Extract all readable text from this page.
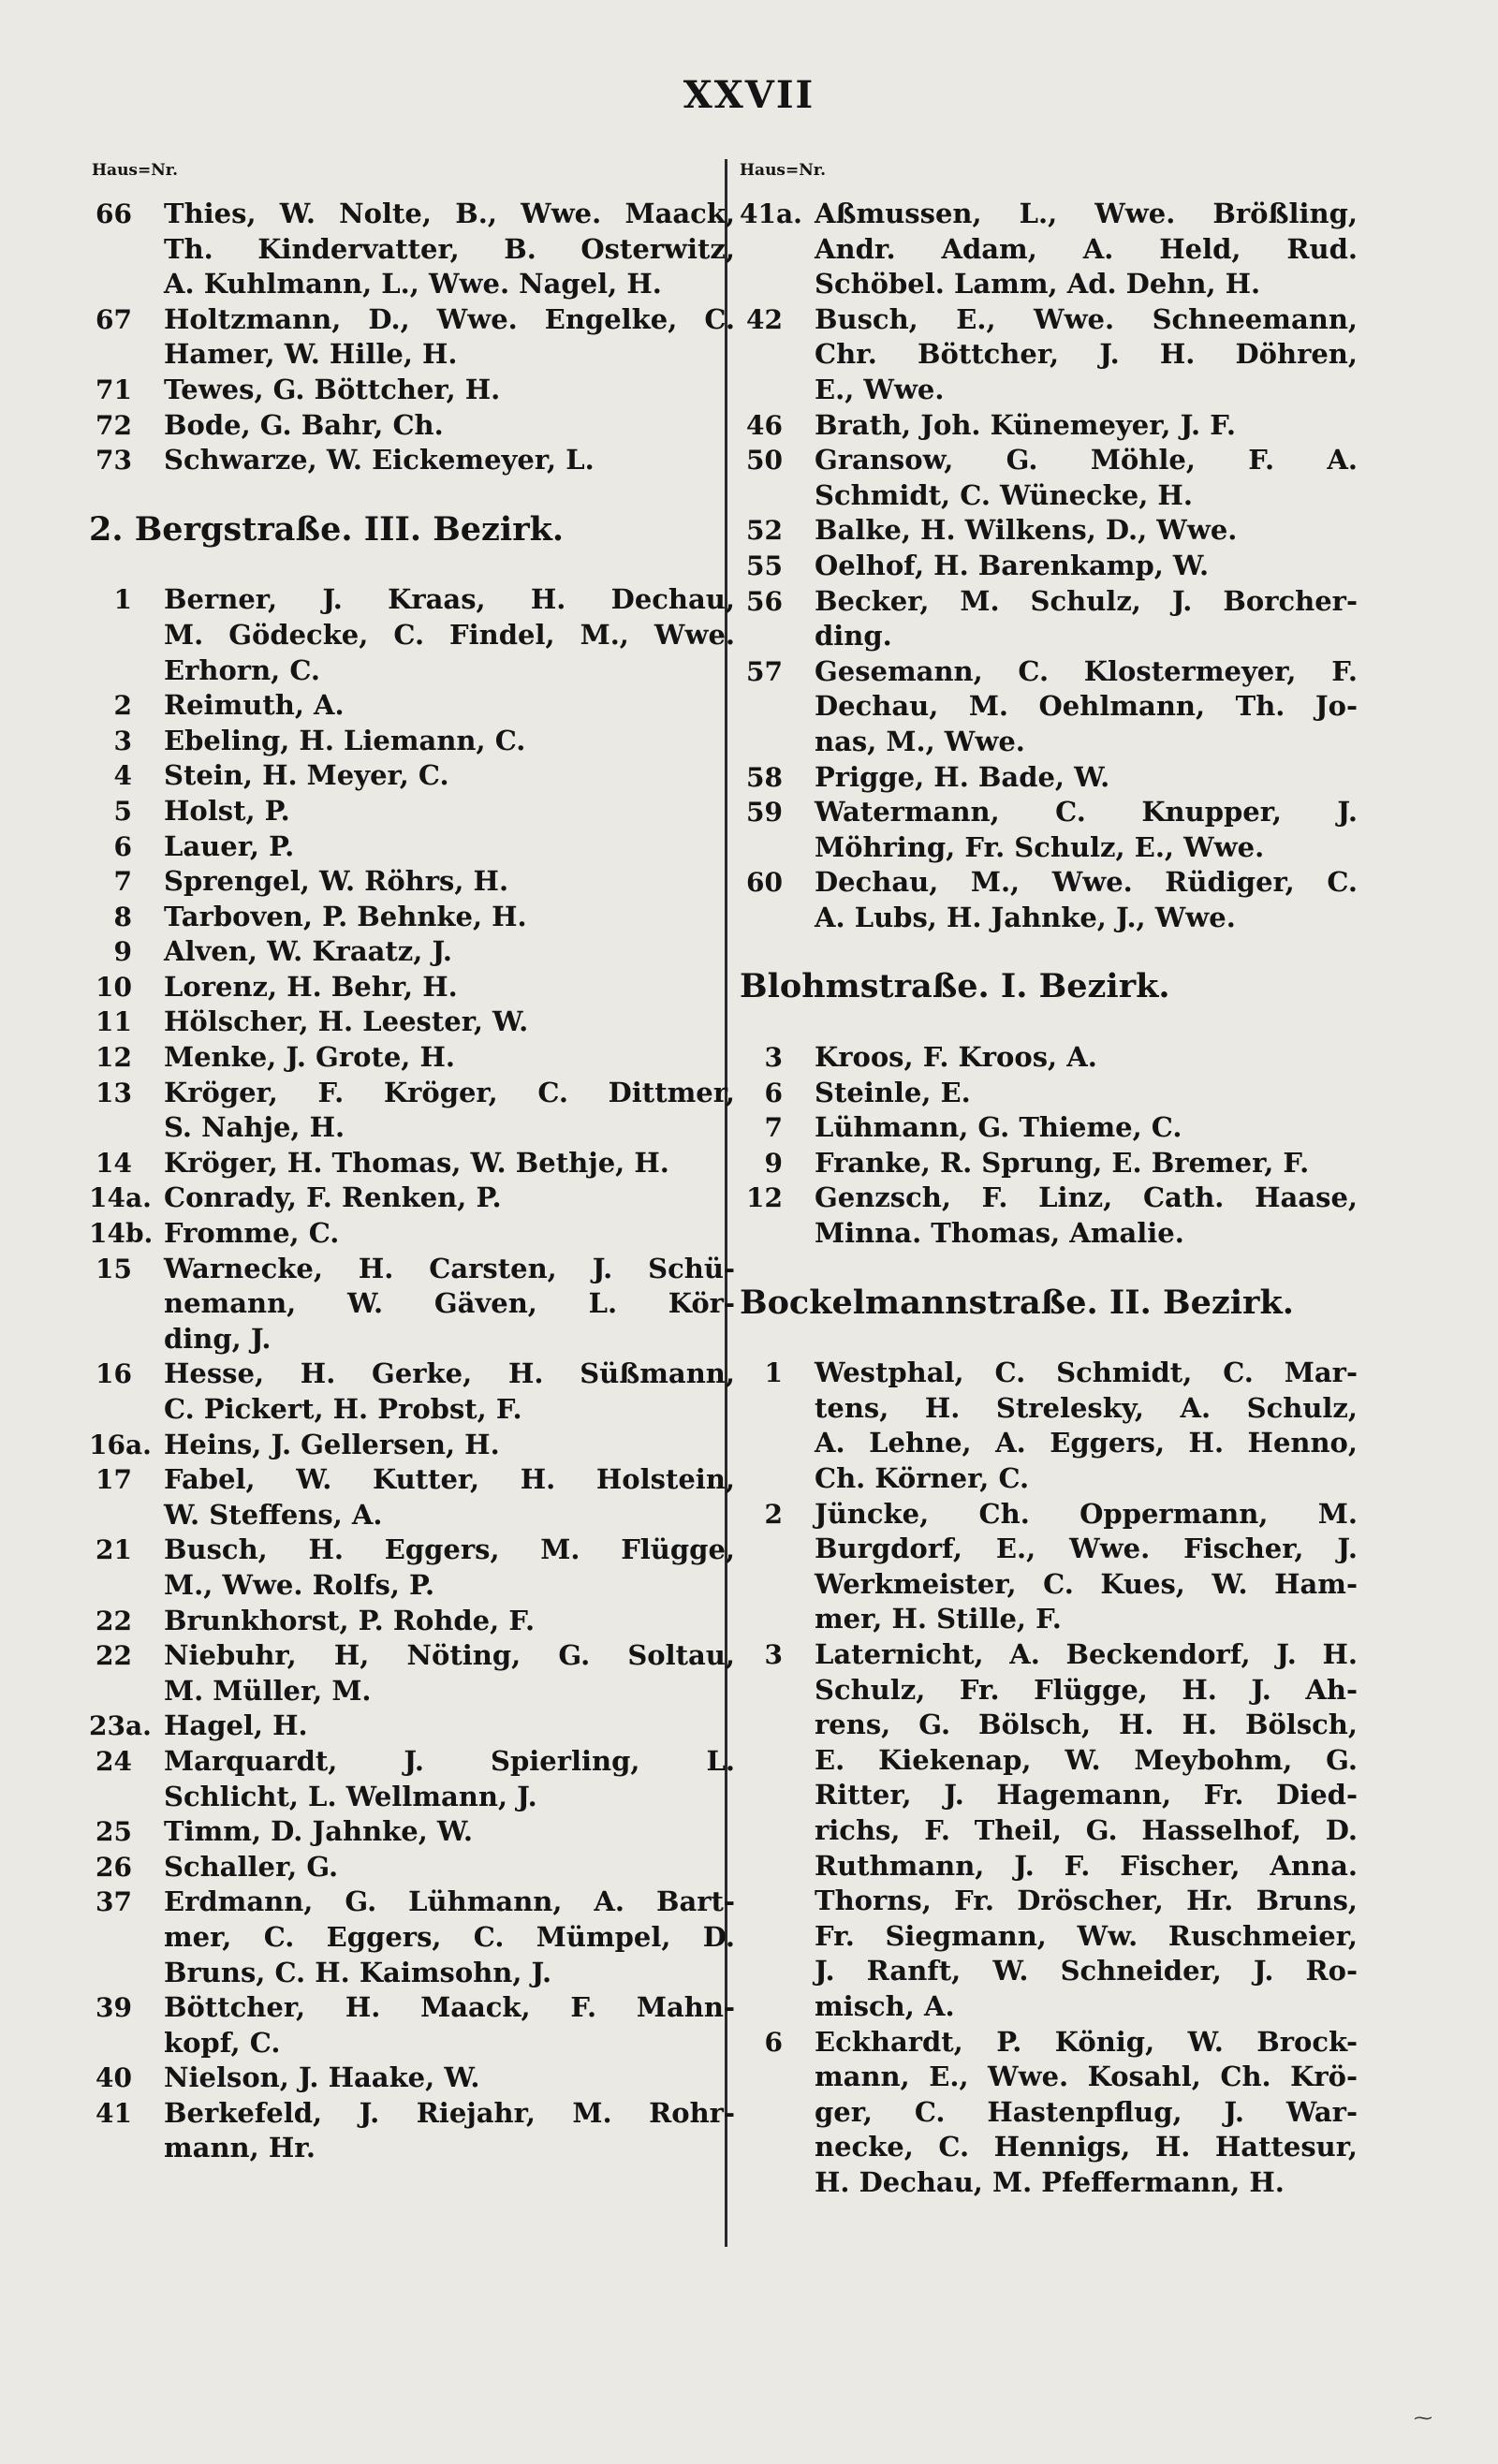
XXVII
Haus=Nr.	Haus=Nr.
66 Thies, W. Nolte, B., Wwe. Maack,
Th. Kindervatter, B. Osterwitz,
A. Kuhlmann, L., Wwe. Nagel, H.
67 Holtzmann, D., Wwe. Engelke, C.
Hamer, W. Hille, H.
71 Tewes, G. Böttcher, H.
72 Bode, G. Bahr, Ch.
73 Schwarze, W. Eickemeyer, L.
2. Bergstraße. III. Bezirk.
1 Berner, J. Kraas, H. Dechau,
M. Gödecke, C. Findel, M., Wwe.
Erhorn, C.
2 Reimuth, A.
3 Ebeling, H. Liemann, C.
4 Stein, H. Meyer, C.
5 Holst, P.
6 Lauer, P.
7 Sprengel, W. Röhrs, H.
8 Tarboven, P. Behnke, H.
9 Alven, W. Kraatz, J.
10 Lorenz, H. Behr, H.
11 Hölscher, H. Leester, W.
12 Menke, J. Grote, H.
13 Kröger, F. Kröger, C. Dittmer,
S. Nahje, H.
14 Kröger, H. Thomas, W. Bethje, H.
14a. Conrady, F. Renken, P.
14b. Fromme, C.
15 Warnecke, H. Carsten, J. Schü-
nemann, W. Gäven, L. Kör-
ding, J.
16 Hesse, H. Gerke, H. Süßmann,
C. Pickert, H. Probst, F.
16a. Heins, J. Gellersen, H.
17 Fabel, W. Kutter, H. Holstein,
W. Steffens, A.
21 Busch, H. Eggers, M. Flügge,
M., Wwe. Rolfs, P.
22 Brunkhorst, P. Rohde, F.
22 Niebuhr, H, Nöting, G. Soltau,
M. Müller, M.
23a. Hagel, H.
24 Marquardt, J. Spierling, L.
Schlicht, L. Wellmann, J.
25 Timm, D. Jahnke, W.
26 Schaller, G.
37 Erdmann, G. Lühmann, A. Bart-
mer, C. Eggers, C. Mümpel, D.
Bruns, C. H. Kaimsohn, J.
39 Böttcher, H. Maack, F. Mahn-
kopf, C.
40 Nielson, J. Haake, W.
41 Berkefeld, J. Riejahr, M. Rohr-
mann, Hr.
41a. Aßmussen, L., Wwe. Brößling,
Andr. Adam, A. Held, Rud.
Schöbel. Lamm, Ad. Dehn, H.
42 Busch, E., Wwe. Schneemann,
Chr. Böttcher, J. H. Döhren,
E., Wwe.
46 Brath, Joh. Künemeyer, J. F.
50 Gransow, G. Möhle, F. A.
Schmidt, C. Wünecke, H.
52 Balke, H. Wilkens, D., Wwe.
55 Oelhof, H. Barenkamp, W.
56 Becker, M. Schulz, J. Borcher-
ding.
57 Gesemann, C. Klostermeyer, F.
Dechau, M. Oehlmann, Th. Jo-
nas, M., Wwe.
58 Prigge, H. Bade, W.
59 Watermann, C. Knupper, J.
Möhring, Fr. Schulz, E., Wwe.
60 Dechau, M., Wwe. Rüdiger, C.
A. Lubs, H. Jahnke, J., Wwe.
Blohmstraße. I. Bezirk.
3 Kroos, F. Kroos, A.
6 Steinle, E.
7 Lühmann, G. Thieme, C.
9 Franke, R. Sprung, E. Bremer, F.
12 Genzsch, F. Linz, Cath. Haase,
Minna. Thomas, Amalie.
Bockelmannstraße. II. Bezirk.
1 Westphal, C. Schmidt, C. Mar-
tens, H. Strelesky, A. Schulz,
A. Lehne, A. Eggers, H. Henno,
Ch. Körner, C.
2 Jüncke, Ch. Oppermann, M.
Burgdorf, E., Wwe. Fischer, J.
Werkmeister, C. Kues, W. Ham-
mer, H. Stille, F.
3 Laternicht, A. Beckendorf, J. H.
Schulz, Fr. Flügge, H. J. Ah-
rens, G. Bölsch, H. H. Bölsch,
E. Kiekenap, W. Meybohm, G.
Ritter, J. Hagemann, Fr. Died-
richs, F. Theil, G. Hasselhof, D.
Ruthmann, J. F. Fischer, Anna.
Thorns, Fr. Dröscher, Hr. Bruns,
Fr. Siegmann, Ww. Ruschmeier,
J. Ranft, W. Schneider, J. Ro-
misch, A.
6 Eckhardt, P. König, W. Brock-
mann, E., Wwe. Kosahl, Ch. Krö-
ger, C. Hastenpflug, J. War-
necke, C. Hennigs, H. Hattesur,
H. Dechau, M. Pfeffermann, H.
⁓
